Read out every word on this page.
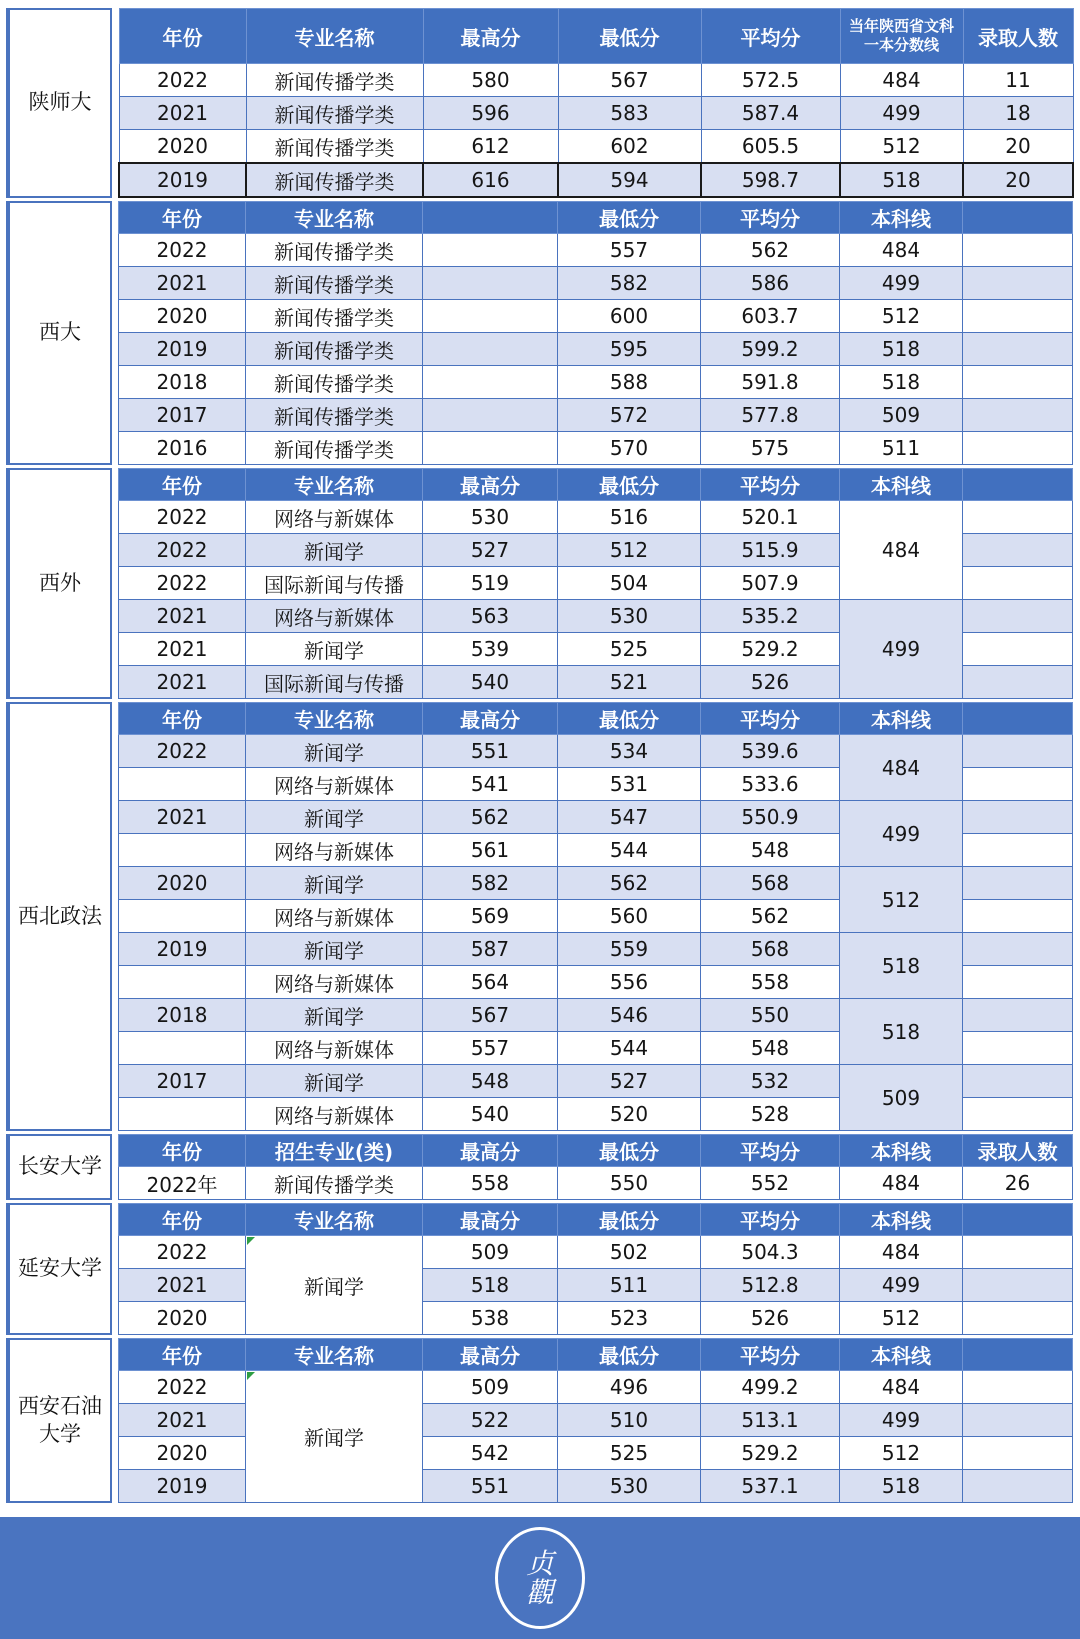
陕师大
年份	专业名称	最高分	最低分	平均分	当年陕西省文科一本分数线	录取人数
2022	新闻传播学类	580	567	572.5	484	11
2021	新闻传播学类	596	583	587.4	499	18
2020	新闻传播学类	612	602	605.5	512	20
2019	新闻传播学类	616	594	598.7	518	20
西大
年份	专业名称		最低分	平均分	本科线	
2022	新闻传播学类		557	562	484	
2021	新闻传播学类		582	586	499	
2020	新闻传播学类		600	603.7	512	
2019	新闻传播学类		595	599.2	518	
2018	新闻传播学类		588	591.8	518	
2017	新闻传播学类		572	577.8	509	
2016	新闻传播学类		570	575	511	
西外
年份	专业名称	最高分	最低分	平均分	本科线	
2022	网络与新媒体	530	516	520.1	484	
2022	新闻学	527	512	515.9		
2022	国际新闻与传播	519	504	507.9		
2021	网络与新媒体	563	530	535.2	499	
2021	新闻学	539	525	529.2		
2021	国际新闻与传播	540	521	526		
西北政法
年份	专业名称	最高分	最低分	平均分	本科线	
2022	新闻学	551	534	539.6	484	
	网络与新媒体	541	531	533.6		
2021	新闻学	562	547	550.9	499	
	网络与新媒体	561	544	548		
2020	新闻学	582	562	568	512	
	网络与新媒体	569	560	562		
2019	新闻学	587	559	568	518	
	网络与新媒体	564	556	558		
2018	新闻学	567	546	550	518	
	网络与新媒体	557	544	548		
2017	新闻学	548	527	532	509	
	网络与新媒体	540	520	528		
长安大学
年份	招生专业(类)	最高分	最低分	平均分	本科线	录取人数
2022年	新闻传播学类	558	550	552	484	26
延安大学
年份	专业名称	最高分	最低分	平均分	本科线	
2022	新闻学	509	502	504.3	484	
2021		518	511	512.8	499	
2020		538	523	526	512	
西安石油大学
年份	专业名称	最高分	最低分	平均分	本科线	
2022	新闻学	509	496	499.2	484	
2021		522	510	513.1	499	
2020		542	525	529.2	512	
2019		551	530	537.1	518	
贞
觀
